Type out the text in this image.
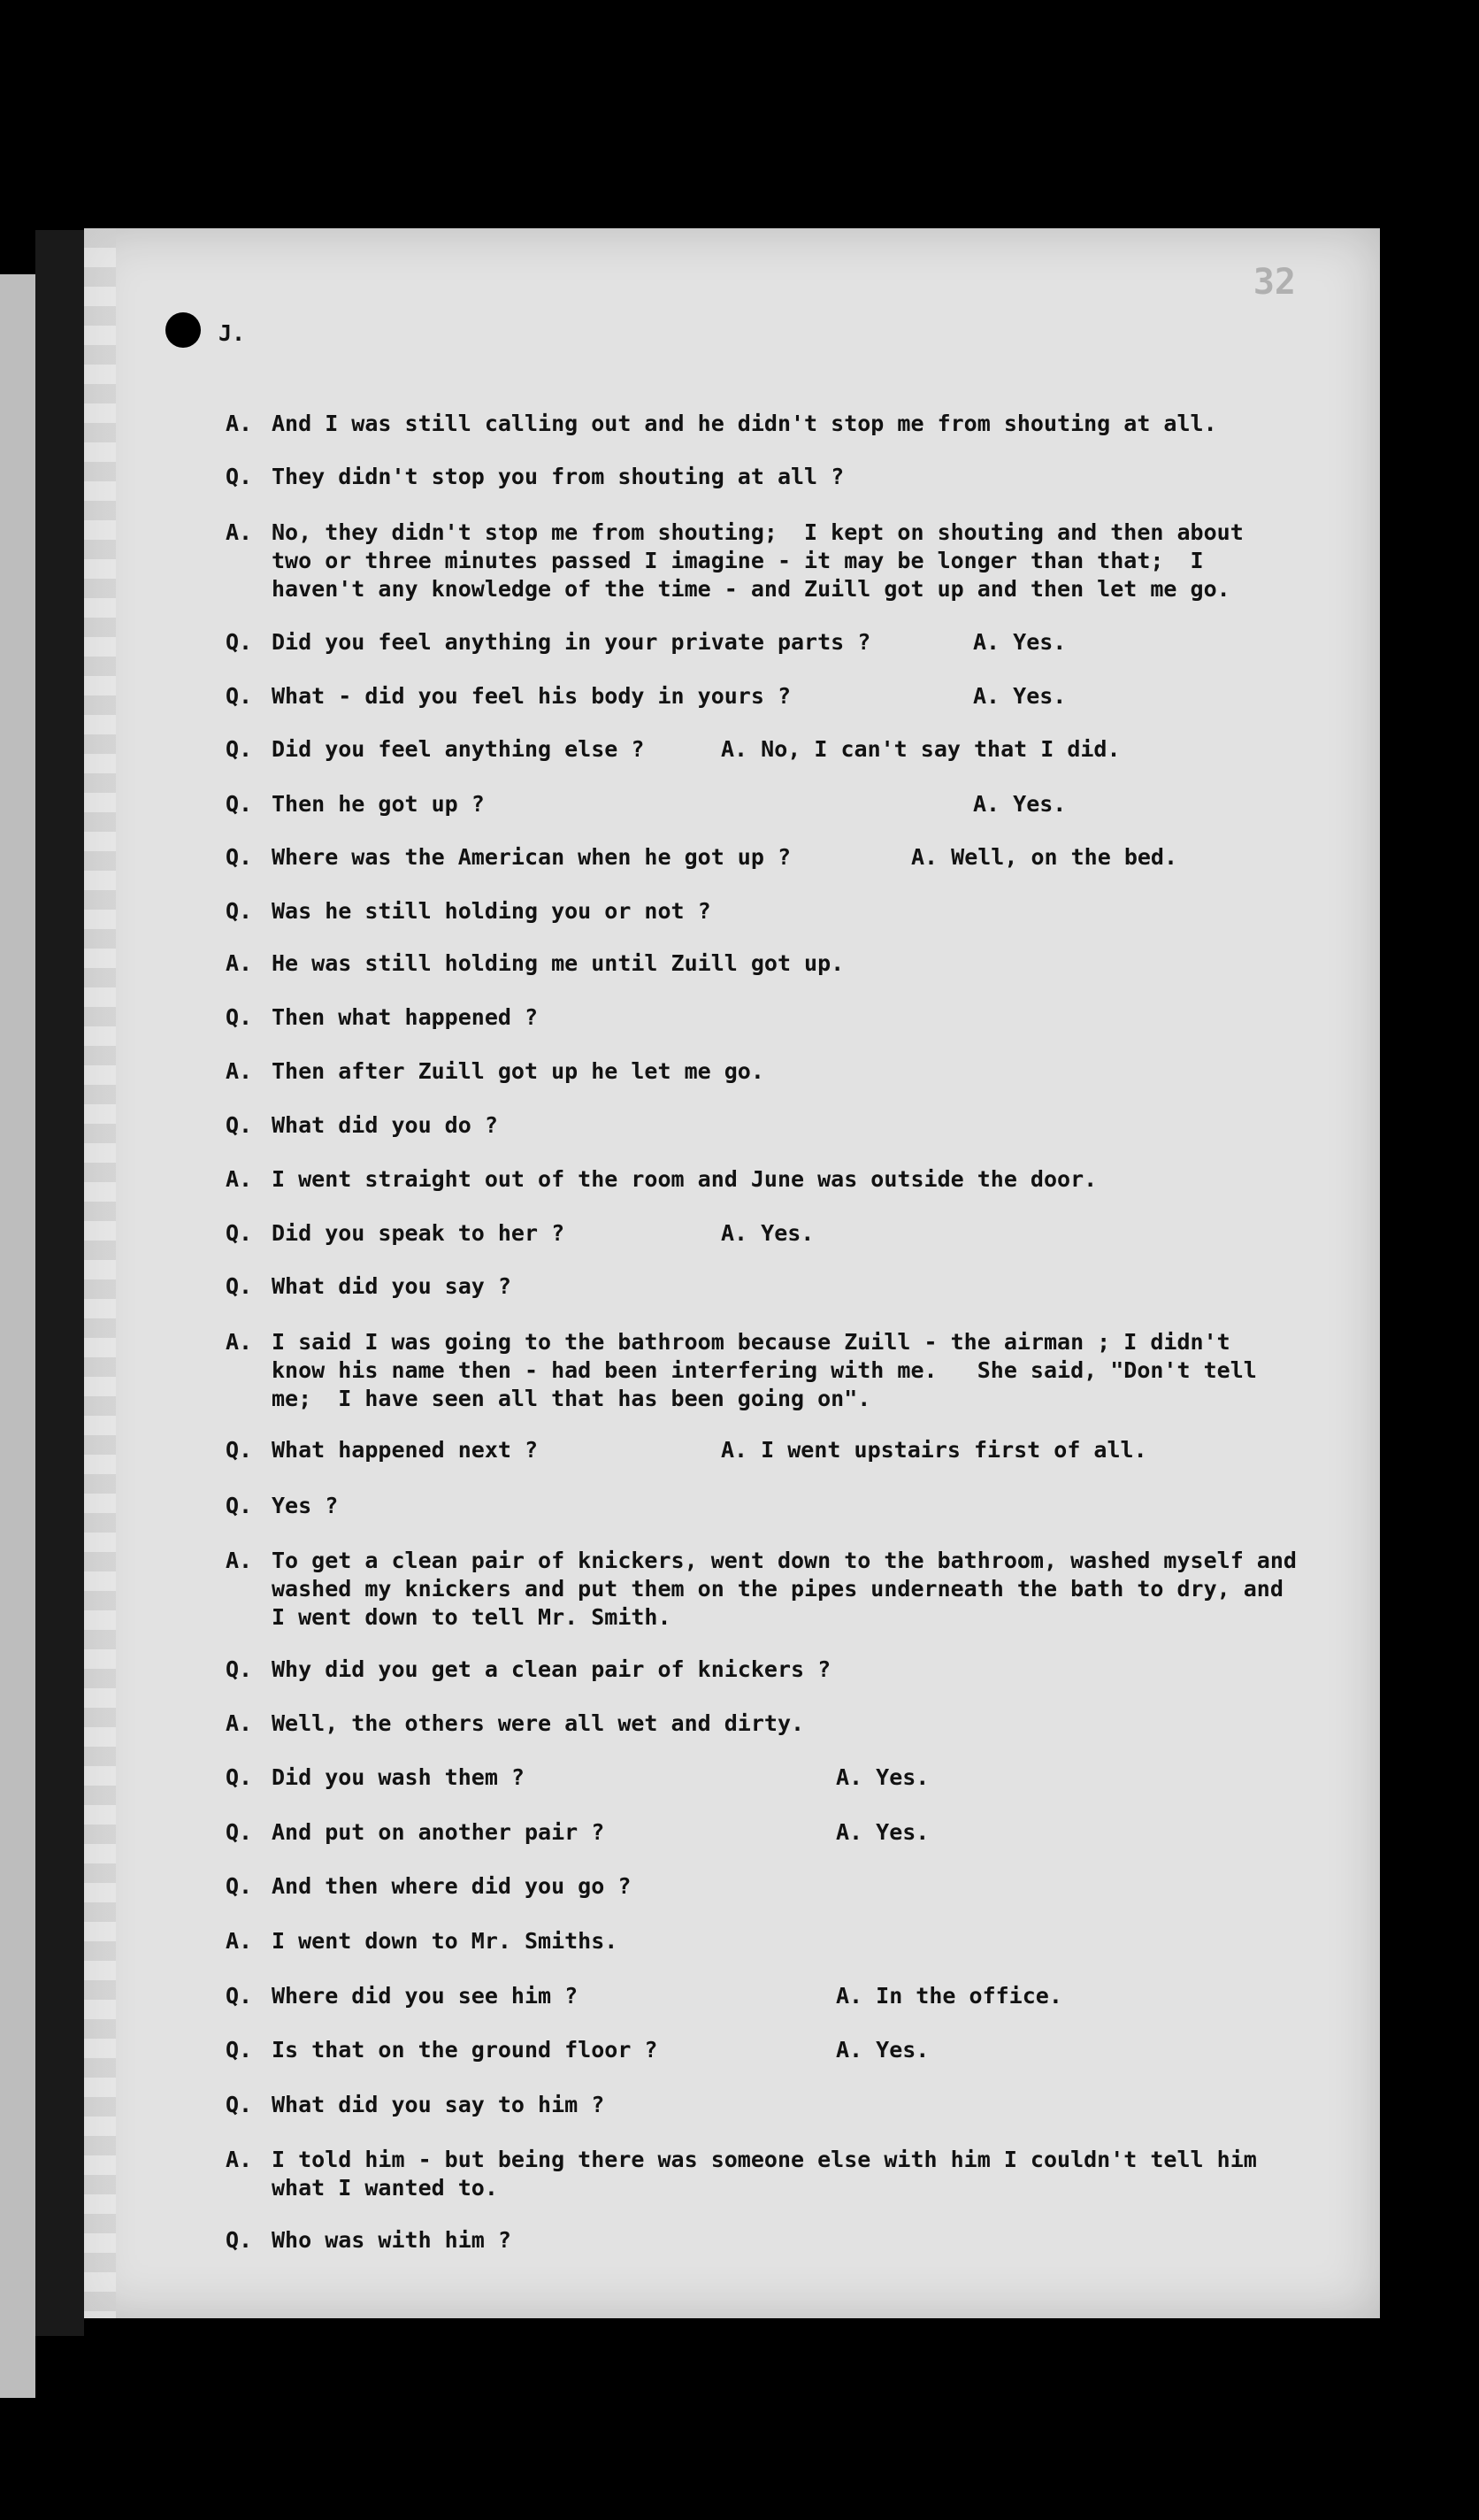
J.
32
A. And I was still calling out and he didn't stop me from shouting at all.
Q. They didn't stop you from shouting at all ?
A. No, they didn't stop me from shouting;  I kept on shouting and then about
two or three minutes passed I imagine - it may be longer than that;  I
haven't any knowledge of the time - and Zuill got up and then let me go.
Q. Did you feel anything in your private parts ?	A. Yes.
Q. What - did you feel his body in yours ?	A. Yes.
Q. Did you feel anything else ?	A. No, I can't say that I did.
Q. Then he got up ?	A. Yes.
Q. Where was the American when he got up ?	A. Well, on the bed.
Q. Was he still holding you or not ?
A. He was still holding me until Zuill got up.
Q. Then what happened ?
A. Then after Zuill got up he let me go.
Q. What did you do ?
A. I went straight out of the room and June was outside the door.
Q. Did you speak to her ?	A. Yes.
Q. What did you say ?
A. I said I was going to the bathroom because Zuill - the airman ; I didn't
know his name then - had been interfering with me.   She said, "Don't tell
me;  I have seen all that has been going on".
Q. What happened next ?	A. I went upstairs first of all.
Q. Yes ?
A. To get a clean pair of knickers, went down to the bathroom, washed myself and
washed my knickers and put them on the pipes underneath the bath to dry, and
I went down to tell Mr. Smith.
Q. Why did you get a clean pair of knickers ?
A. Well, the others were all wet and dirty.
Q. Did you wash them ?	A. Yes.
Q. And put on another pair ?	A. Yes.
Q. And then where did you go ?
A. I went down to Mr. Smiths.
Q. Where did you see him ?	A. In the office.
Q. Is that on the ground floor ?	A. Yes.
Q. What did you say to him ?
A. I told him - but being there was someone else with him I couldn't tell him
what I wanted to.
Q. Who was with him ?
